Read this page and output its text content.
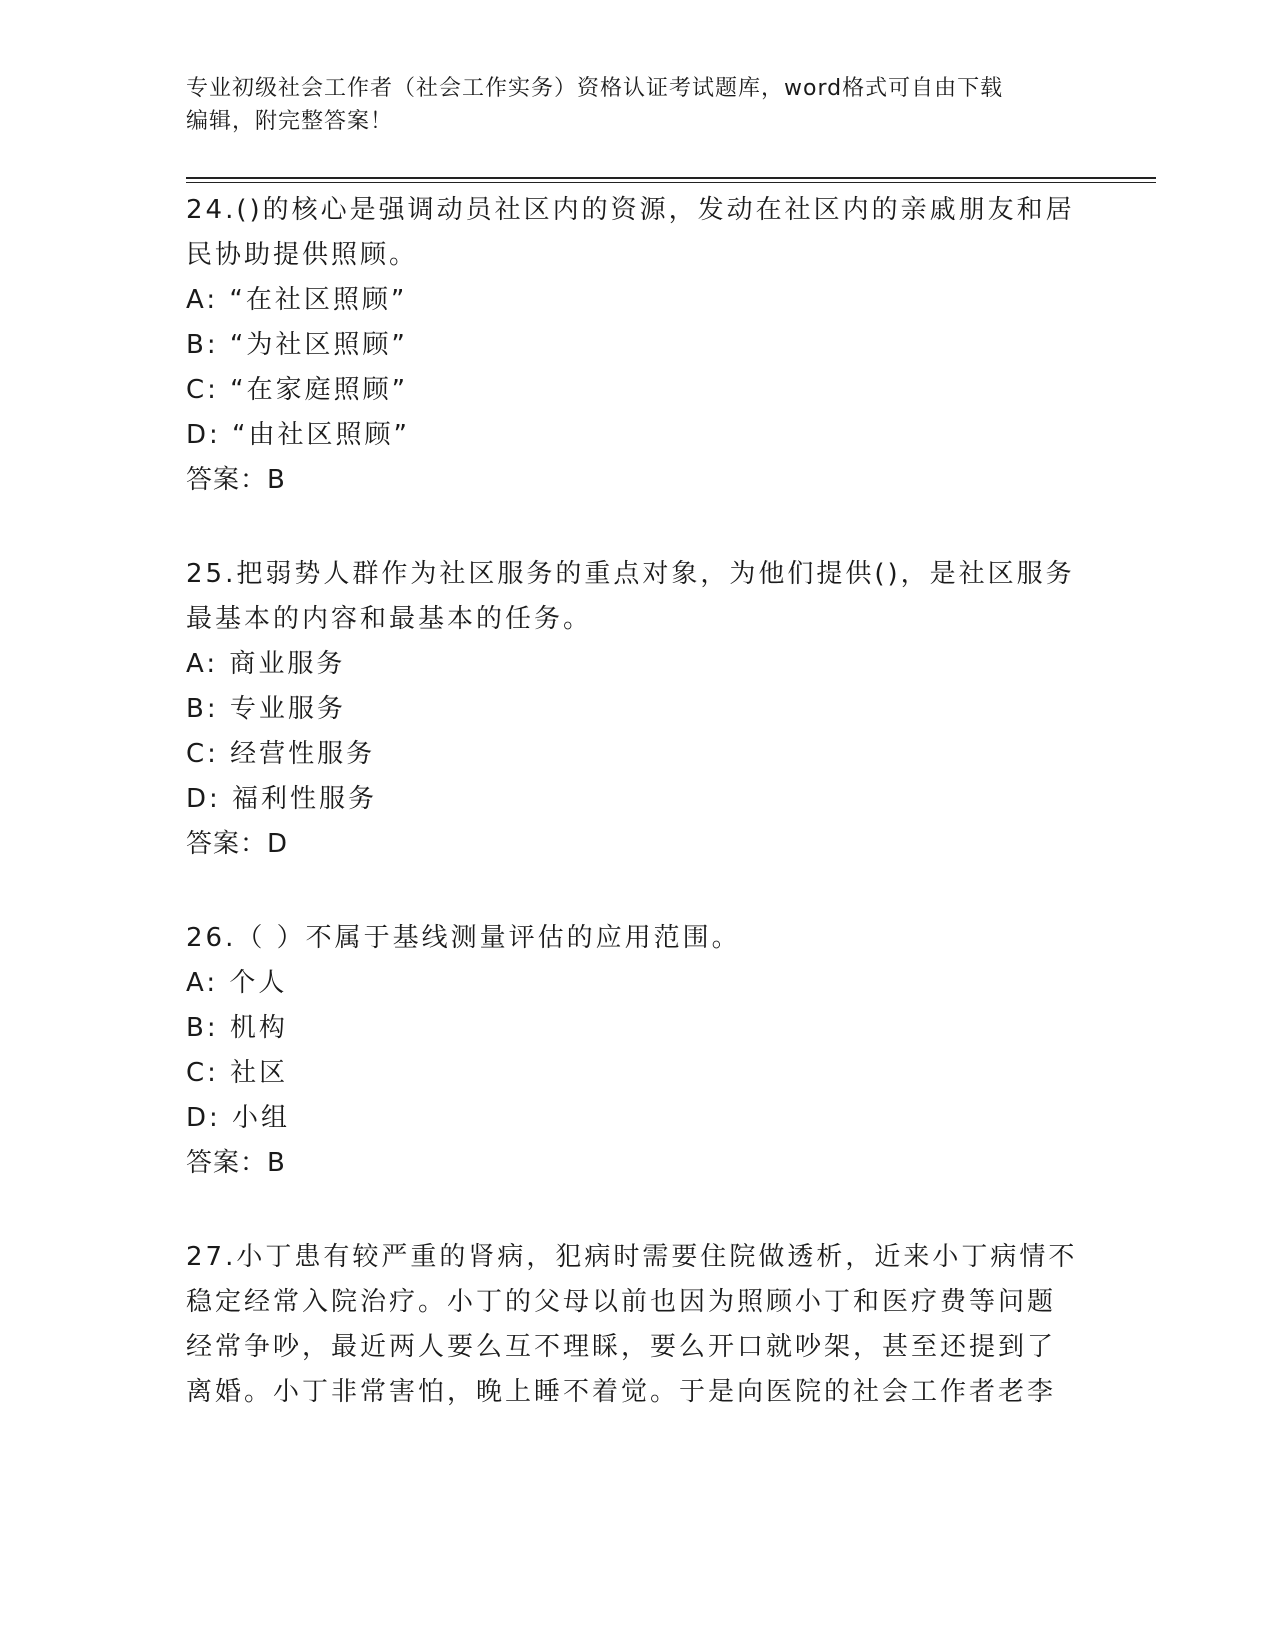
专业初级社会工作者（社会工作实务）资格认证考试题库，word格式可自由下载
编辑，附完整答案！
24.()的核心是强调动员社区内的资源，发动在社区内的亲戚朋友和居
民协助提供照顾。
A: “在社区照顾”
B: “为社区照顾”
C: “在家庭照顾”
D: “由社区照顾”
答案：B
25.把弱势人群作为社区服务的重点对象，为他们提供()，是社区服务
最基本的内容和最基本的任务。
A: 商业服务
B: 专业服务
C: 经营性服务
D: 福利性服务
答案：D
26.（ ）不属于基线测量评估的应用范围。
A: 个人
B: 机构
C: 社区
D: 小组
答案：B
27.小丁患有较严重的肾病，犯病时需要住院做透析，近来小丁病情不
稳定经常入院治疗。小丁的父母以前也因为照顾小丁和医疗费等问题
经常争吵，最近两人要么互不理睬，要么开口就吵架，甚至还提到了
离婚。小丁非常害怕，晚上睡不着觉。于是向医院的社会工作者老李
